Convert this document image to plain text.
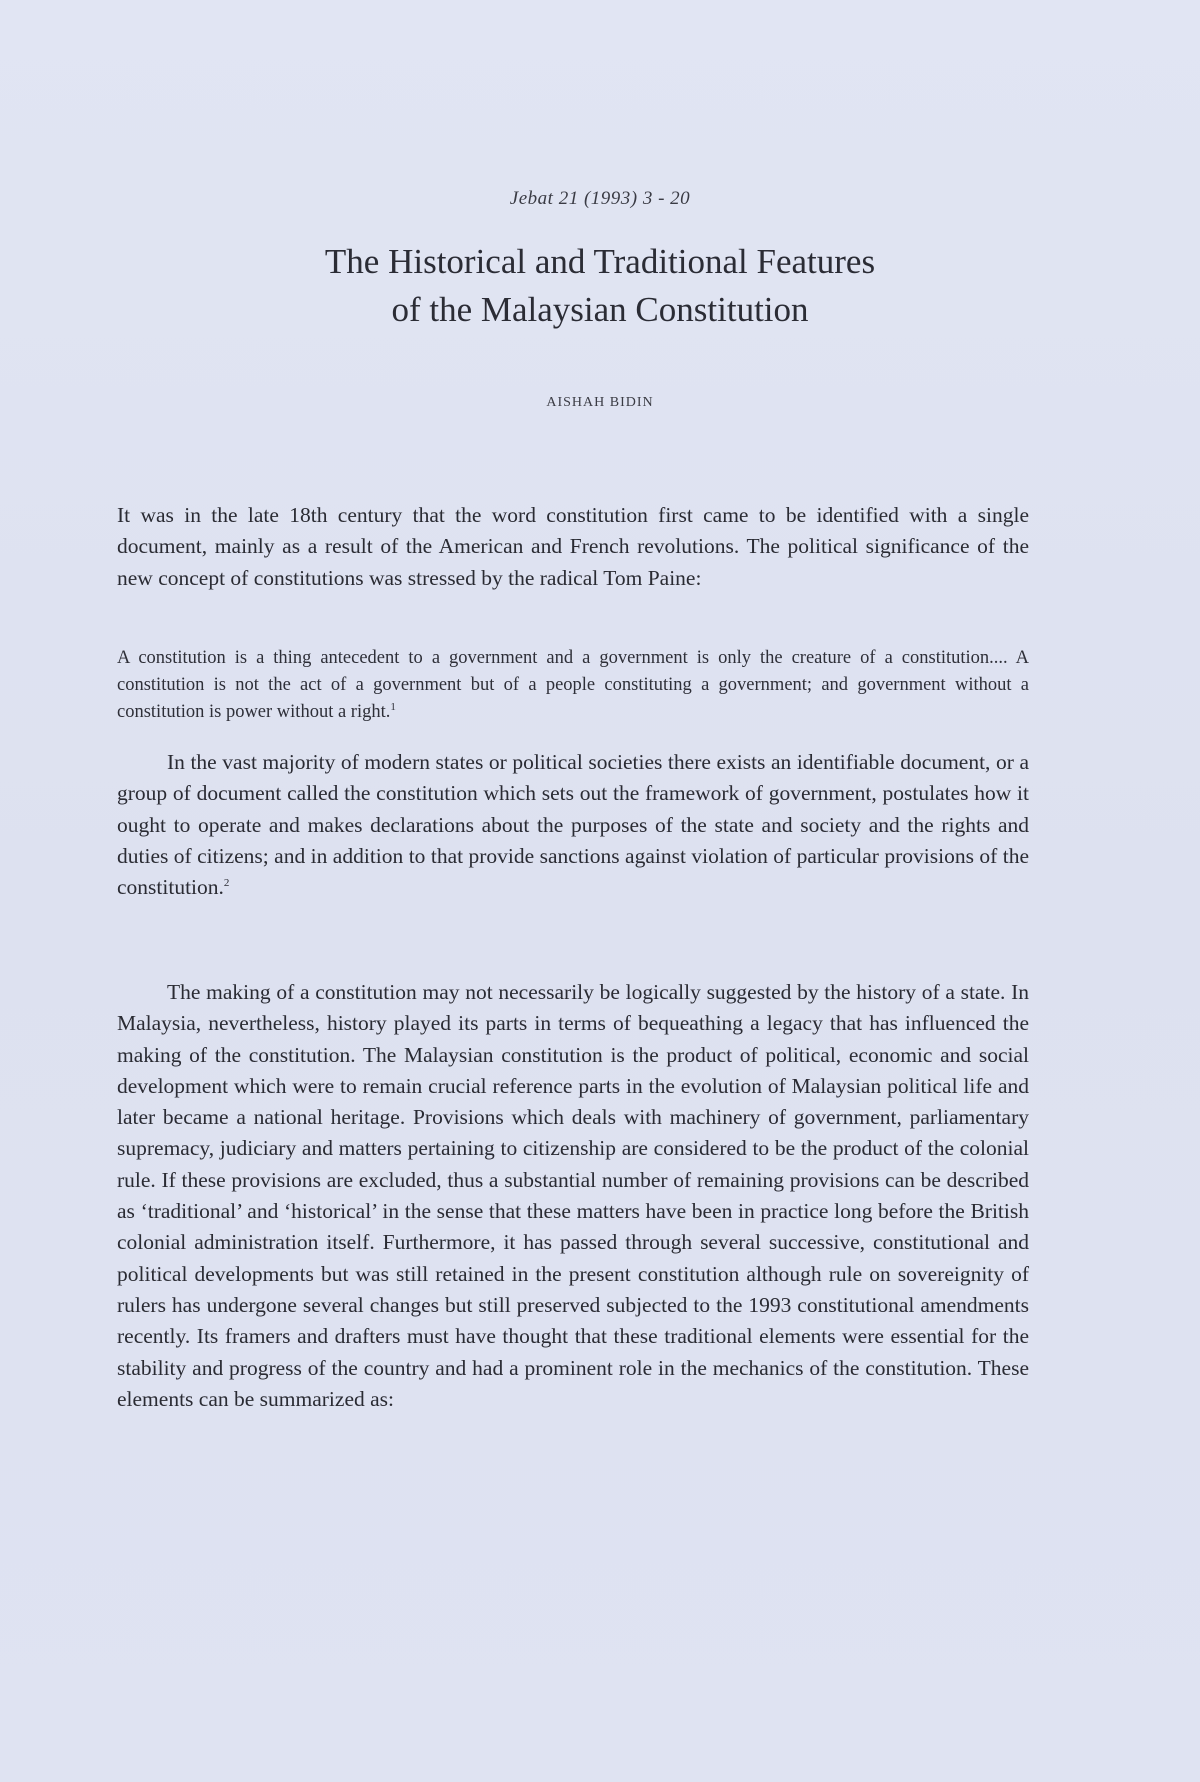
Jebat 21 (1993) 3 - 20
The Historical and Traditional Features
of the Malaysian Constitution
AISHAH BIDIN
It was in the late 18th century that the word constitution first came to be identified with a single document, mainly as a result of the American and French revolutions. The political significance of the new concept of constitutions was stressed by the radical Tom Paine:
A constitution is a thing antecedent to a government and a government is only the creature of a constitution.... A constitution is not the act of a government but of a people constituting a government; and government without a constitution is power without a right.$^1$
In the vast majority of modern states or political societies there exists an identifiable document, or a group of document called the constitution which sets out the framework of government, postulates how it ought to operate and makes declarations about the purposes of the state and society and the rights and duties of citizens; and in addition to that provide sanctions against violation of particular provisions of the constitution.$^2$
The making of a constitution may not necessarily be logically suggested by the history of a state. In Malaysia, nevertheless, history played its parts in terms of bequeathing a legacy that has influenced the making of the constitution. The Malaysian constitution is the product of political, economic and social development which were to remain crucial reference parts in the evolution of Malaysian political life and later became a national heritage. Provisions which deals with machinery of government, parliamentary supremacy, judiciary and matters pertaining to citizenship are considered to be the product of the colonial rule. If these provisions are excluded, thus a substantial number of remaining provisions can be described as ‘traditional’ and ‘historical’ in the sense that these matters have been in practice long before the British colonial administration itself. Furthermore, it has passed through several successive, constitutional and political developments but was still retained in the present constitution although rule on sovereignity of rulers has undergone several changes but still preserved subjected to the 1993 constitutional amendments recently. Its framers and drafters must have thought that these traditional elements were essential for the stability and progress of the country and had a prominent role in the mechanics of the constitution. These elements can be summarized as:
